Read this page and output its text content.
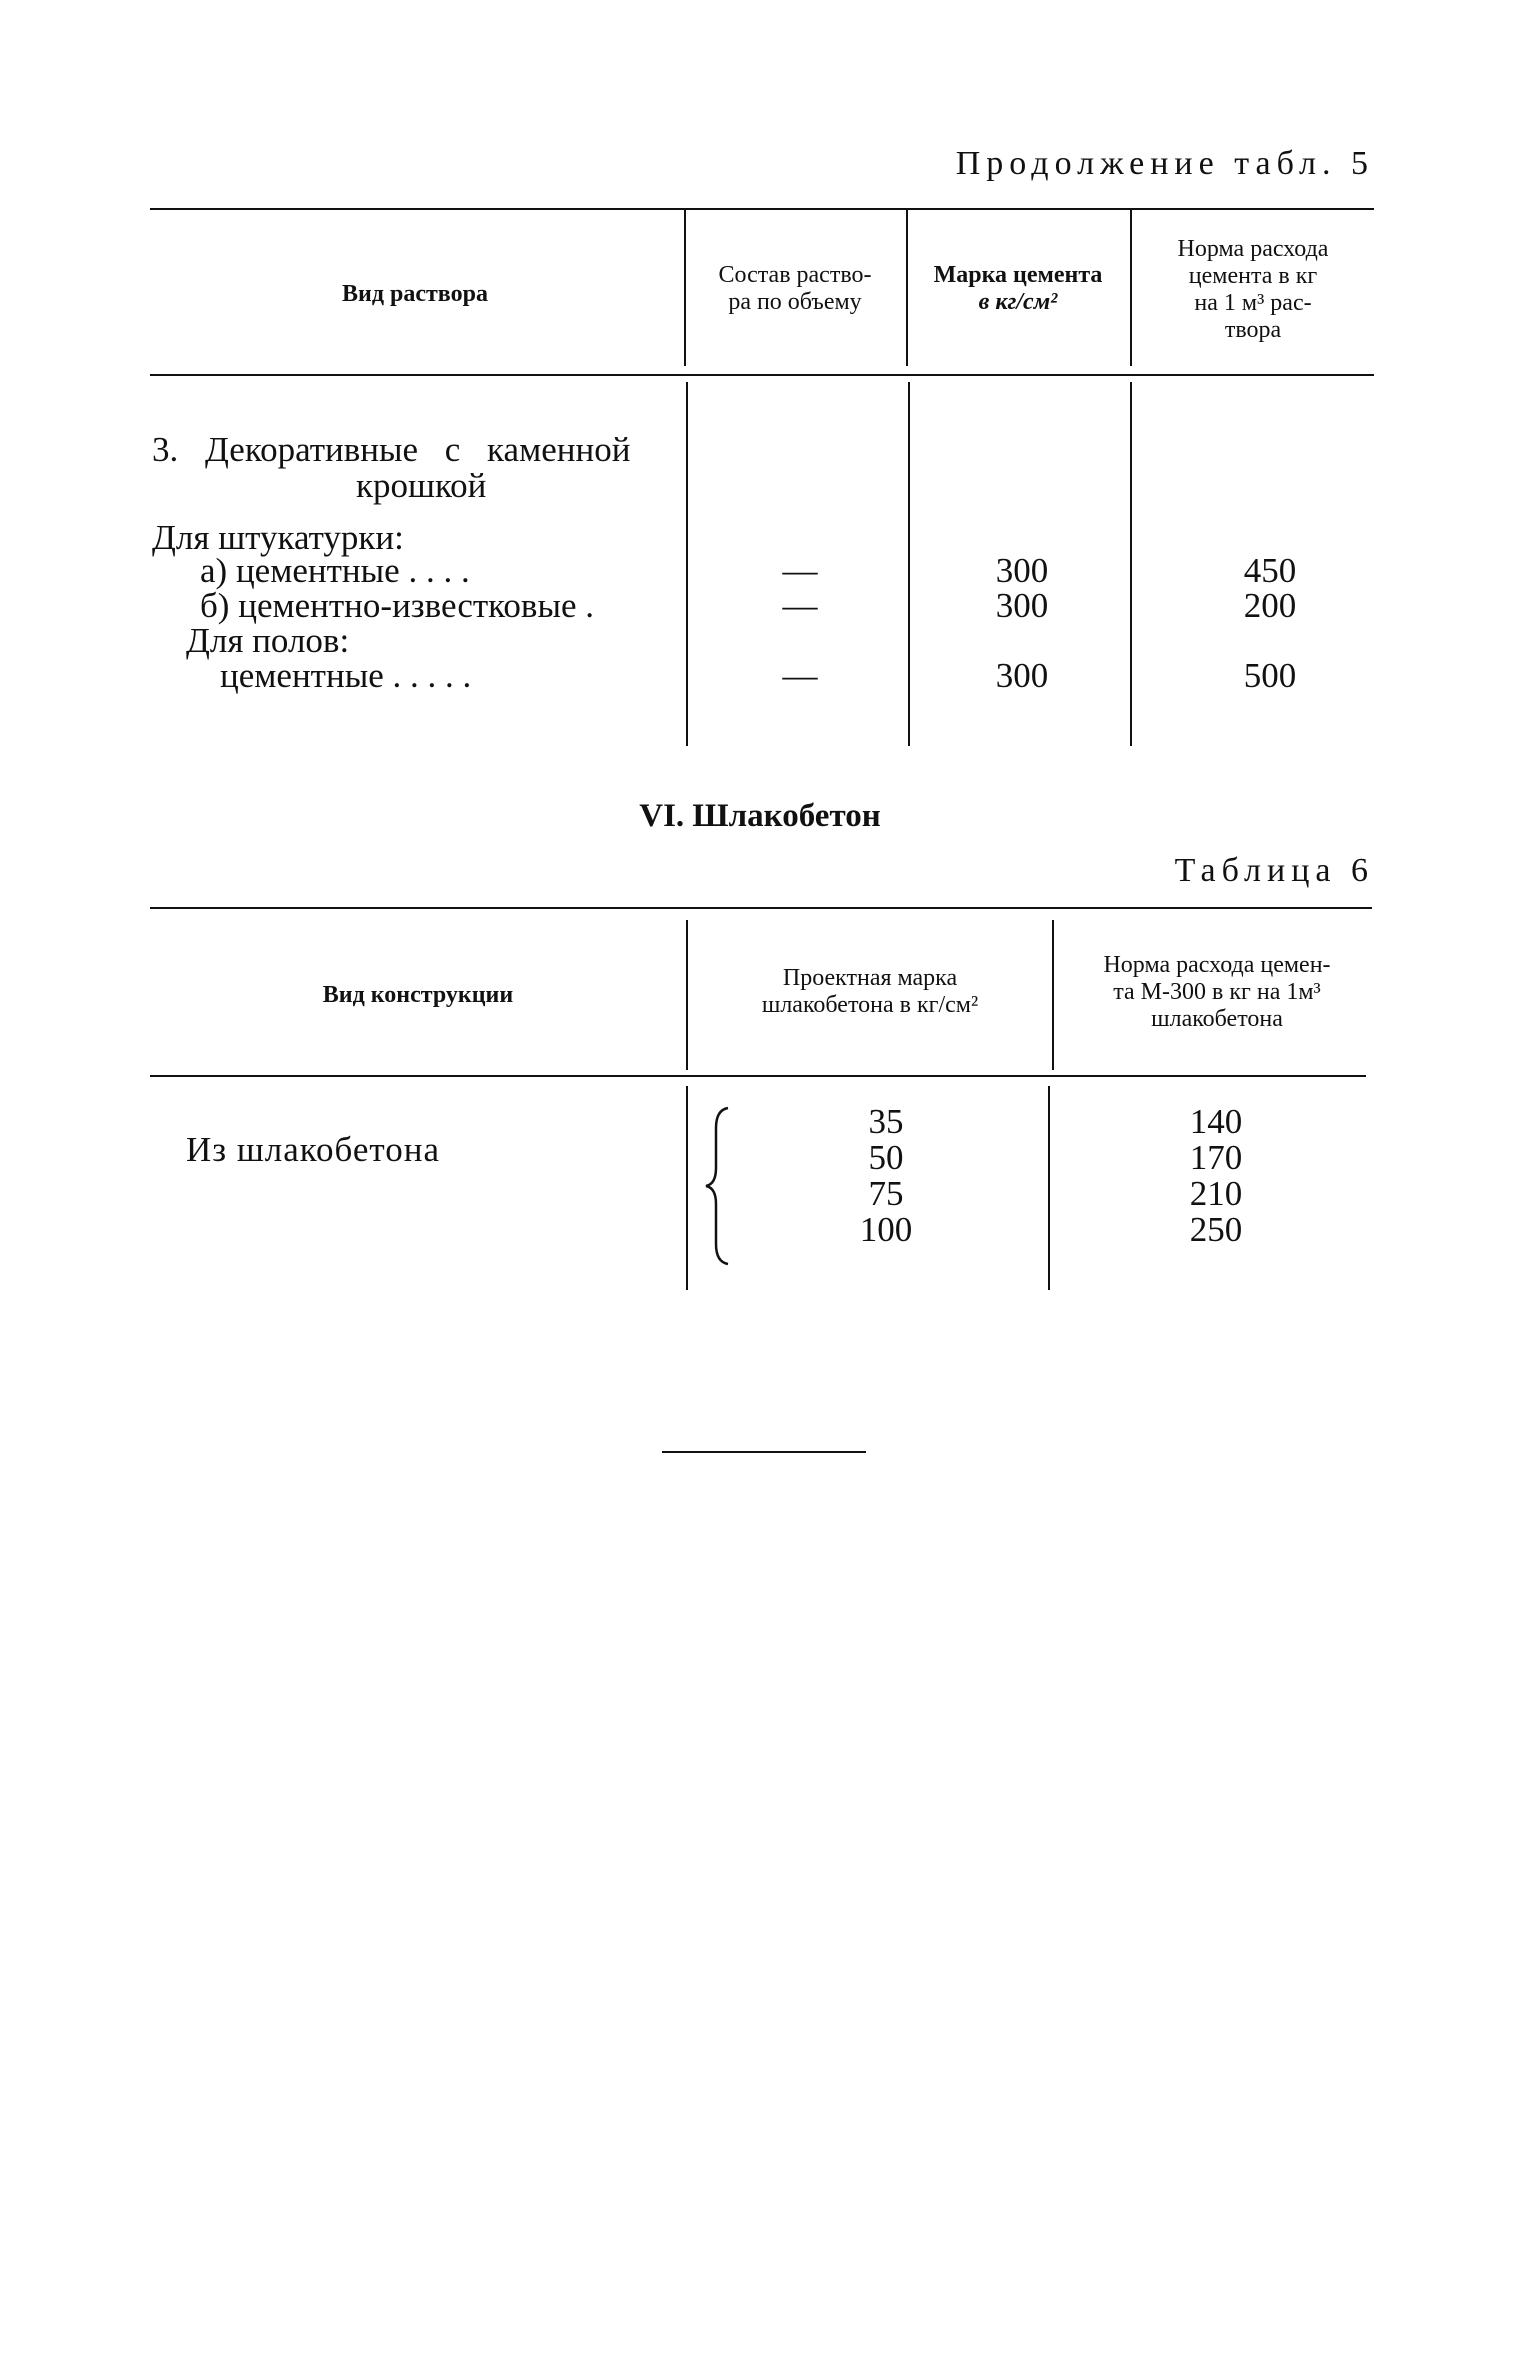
Продолжение табл. 5
Вид раствора
Состав раство-
ра по объему
Марка цемента
в кг/см²
Норма расхода
цемента в кг
на 1 м³ рас-
твора
3. Декоративные с каменной
крошкой
Для штукатурки:
а) цементные . . . .
б) цементно-известковые .
Для полов:
цементные . . . . .
—
—
—
300
300
300
450
200
500
VI. Шлакобетон
Таблица 6
Вид конструкции
Проектная марка
шлакобетона в кг/см²
Норма расхода цемен-
та М-300 в кг на 1м³
шлакобетона
Из шлакобетона
35
50
75
100
140
170
210
250
